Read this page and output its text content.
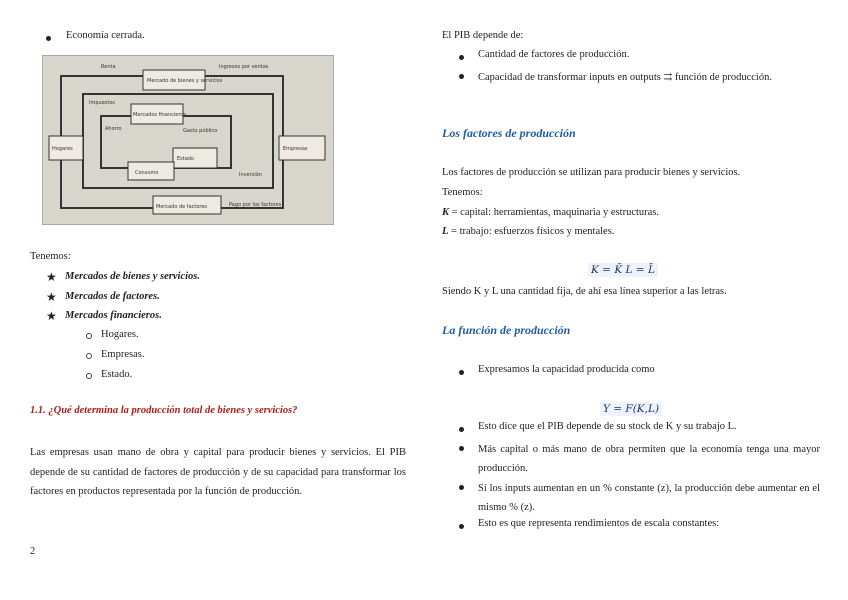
Economía cerrada.
Renta
Mercado de bienes y servicios
Ingresos por ventas
Impuestos
Mercados financieros
Ahorro	Gasto público
Hogares	Empresas
Estado
Consumo
Mercado de factores	Pago por los factores
Inversión
Tenemos:
★ Mercados de bienes y servicios.
★ Mercados de factores.
★ Mercados financieros.
Hogares.
Empresas.
Estado.
1.1. ¿Qué determina la producción total de bienes y servicios?
Las empresas usan mano de obra y capital para producir bienes y servicios. El PIB depende de su cantidad de factores de producción y de su capacidad para transformar los factores en productos representada por la función de producción.
2
El PIB depende de:
Cantidad de factores de producción.
Capacidad de transformar inputs en outputs ⇉ función de producción.
Los factores de producción
Los factores de producción se utilizan para producir bienes y servicios.
Tenemos:
K = capital: herramientas, maquinaria y estructuras.
L = trabajo: esfuerzos físicos y mentales.
K = K̄ L = L̄
Siendo K y L una cantidad fija, de ahí esa línea superior a las letras.
La función de producción
Expresamos la capacidad producida como
Y = F(K,L)
Esto dice que el PIB depende de su stock de K y su trabajo L.
Más capital o más mano de obra permiten que la economía tenga una mayor producción.
Si los inputs aumentan en un % constante (z), la producción debe aumentar en el mismo % (z).
Esto es que representa rendimientos de escala constantes:
